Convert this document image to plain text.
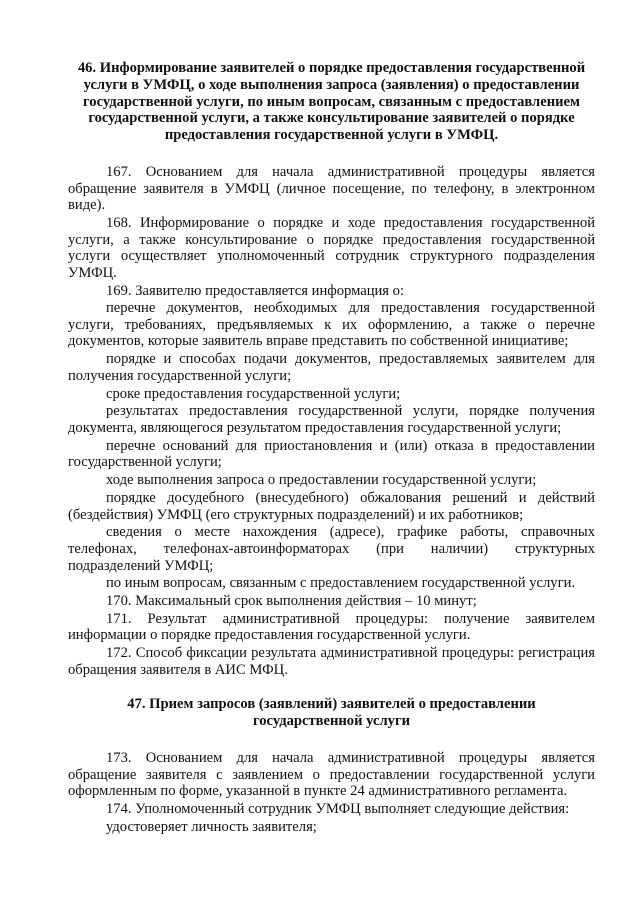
46. Информирование заявителей о порядке предоставления государственной услуги в УМФЦ, о ходе выполнения запроса (заявления) о предоставлении государственной услуги, по иным вопросам, связанным с предоставлением государственной услуги, а также консультирование заявителей о порядке предоставления государственной услуги в УМФЦ.
167. Основанием для начала административной процедуры является обращение заявителя в УМФЦ (личное посещение, по телефону, в электронном виде).
168. Информирование о порядке и ходе предоставления государственной услуги, а также консультирование о порядке предоставления государственной услуги осуществляет уполномоченный сотрудник структурного подразделения УМФЦ.
169. Заявителю предоставляется информация о:
перечне документов, необходимых для предоставления государственной услуги, требованиях, предъявляемых к их оформлению, а также о перечне документов, которые заявитель вправе представить по собственной инициативе;
порядке и способах подачи документов, предоставляемых заявителем для получения государственной услуги;
сроке предоставления государственной услуги;
результатах предоставления государственной услуги, порядке получения документа, являющегося результатом предоставления государственной услуги;
перечне оснований для приостановления и (или) отказа в предоставлении государственной услуги;
ходе выполнения запроса о предоставлении государственной услуги;
порядке досудебного (внесудебного) обжалования решений и действий (бездействия) УМФЦ (его структурных подразделений) и их работников;
сведения о месте нахождения (адресе), графике работы, справочных телефонах, телефонах-автоинформаторах (при наличии) структурных подразделений УМФЦ;
по иным вопросам, связанным с предоставлением государственной услуги.
170. Максимальный срок выполнения действия – 10 минут;
171. Результат административной процедуры: получение заявителем информации о порядке предоставления государственной услуги.
172. Способ фиксации результата административной процедуры: регистрация обращения заявителя в АИС МФЦ.
47. Прием запросов (заявлений) заявителей о предоставлении государственной услуги
173. Основанием для начала административной процедуры является обращение заявителя с заявлением о предоставлении государственной услуги оформленным по форме, указанной в пункте 24 административного регламента.
174. Уполномоченный сотрудник УМФЦ выполняет следующие действия:
удостоверяет личность заявителя;
